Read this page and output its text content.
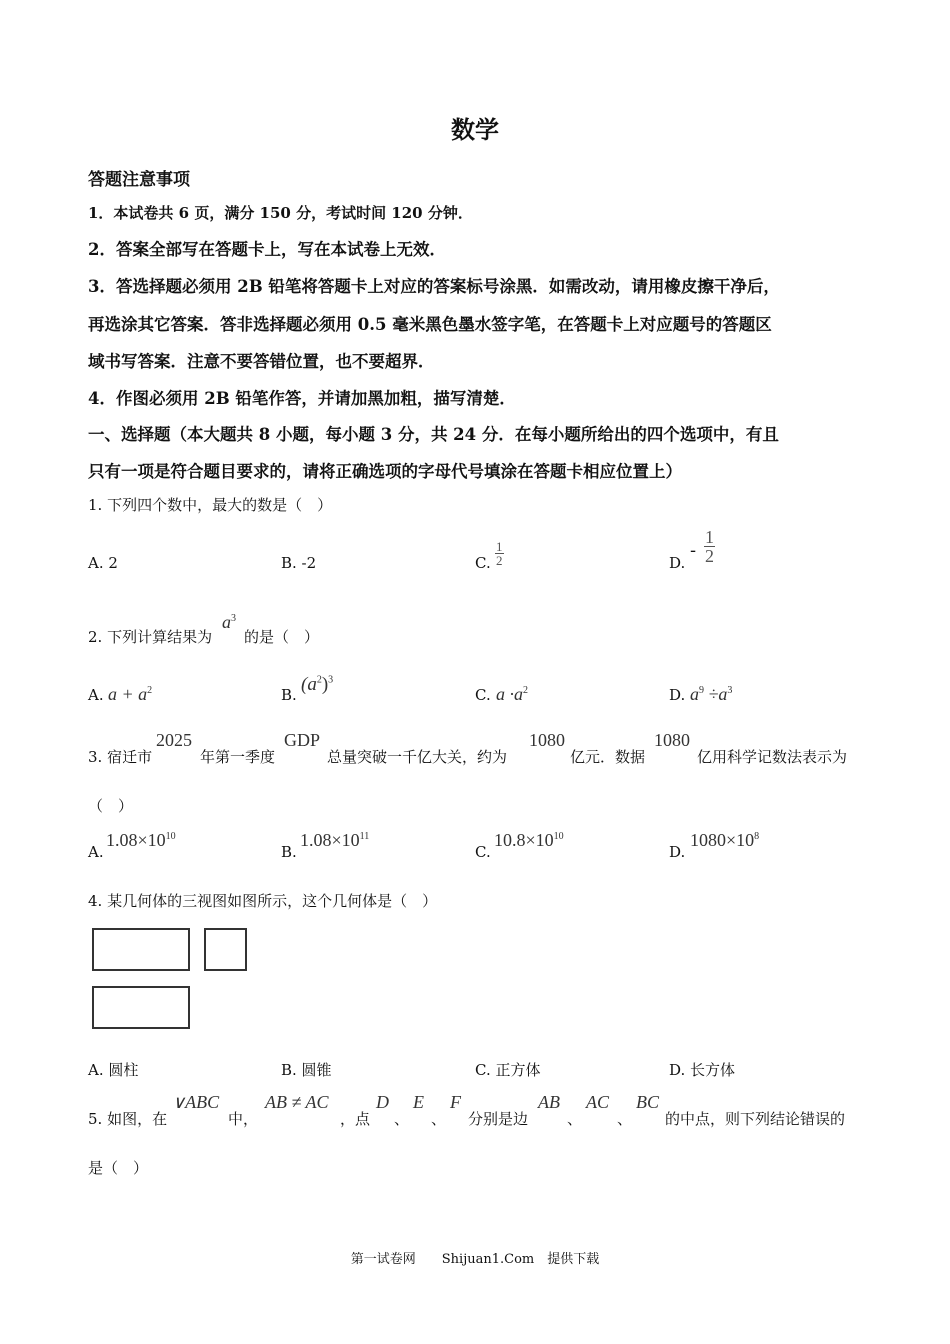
数学
答题注意事项
1．本试卷共 6 页，满分 150 分，考试时间 120 分钟．
2．答案全部写在答题卡上，写在本试卷上无效．
3．答选择题必须用 2B 铅笔将答题卡上对应的答案标号涂黑．如需改动，请用橡皮擦干净后，
再选涂其它答案．答非选择题必须用 0.5 毫米黑色墨水签字笔，在答题卡上对应题号的答题区
域书写答案．注意不要答错位置，也不要超界．
4．作图必须用 2B 铅笔作答，并请加黑加粗，描写清楚．
一、选择题（本大题共 8 小题，每小题 3 分，共 24 分．在每小题所给出的四个选项中，有且
只有一项是符合题目要求的，请将正确选项的字母代号填涂在答题卡相应位置上）
1. 下列四个数中，最大的数是（　）
A. 2	B. -2	C. $\frac{1}{2}$	D.
- $\frac{1}{2}$
2. 下列计算结果为
$a^3$
的是（　）
A. $a + a^2$	B. $(a^2)^3$
C. $a \cdot a^2$	D. $a^9 \div a^3$
3. 宿迁市
2025
年第一季度
GDP
总量突破一千亿大关，约为
1080
亿元．数据
1080
亿用科学记数法表示为
（　）
A.
$1.08\times 10^{10}$
B.
$1.08\times 10^{11}$
C.
$10.8\times 10^{10}$
D.
$1080\times 10^8$
4. 某几何体的三视图如图所示，这个几何体是（　）
A. 圆柱	B. 圆锥	C. 正方体	D. 长方体
5. 如图，在
∨ABC
中，
AB ≠ AC
，点
D
、
E
、
F
分别是边
AB
、
AC
、
BC
的中点，则下列结论错误的
是（　）
第一试卷网　　Shijuan1.Com　提供下载
